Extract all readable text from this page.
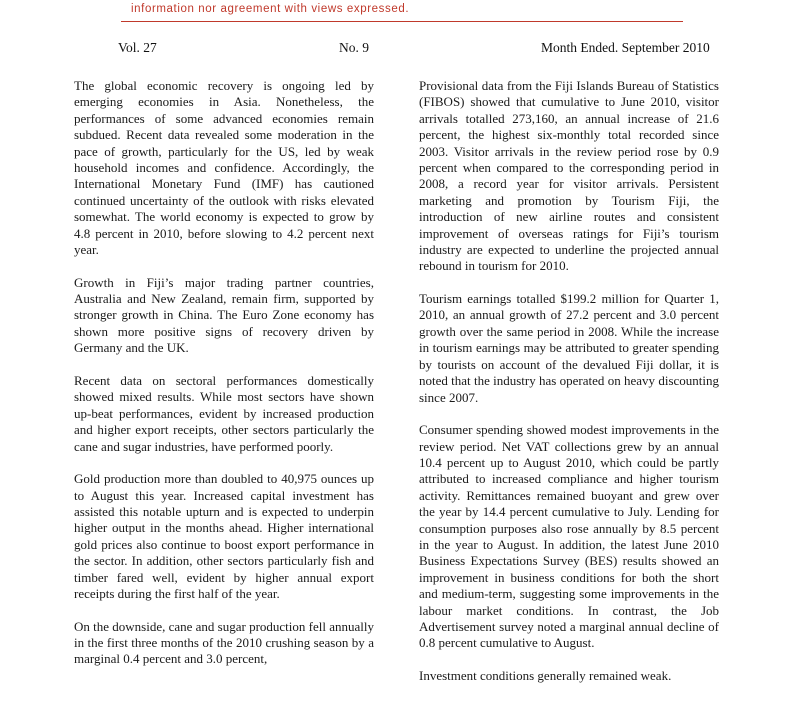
information nor agreement with views expressed.
Vol. 27	No. 9	Month Ended. September 2010

The global economic recovery is ongoing led by emerging economies in Asia. Nonetheless, the performances of some advanced economies remain subdued. Recent data revealed some moderation in the pace of growth, particularly for the US, led by weak household incomes and confidence. Accordingly, the International Monetary Fund (IMF) has cautioned continued uncertainty of the outlook with risks elevated somewhat. The world economy is expected to grow by 4.8 percent in 2010, before slowing to 4.2 percent next year.

Growth in Fiji’s major trading partner countries, Australia and New Zealand, remain firm, supported by stronger growth in China. The Euro Zone economy has shown more positive signs of recovery driven by Germany and the UK.

Recent data on sectoral performances domestically showed mixed results. While most sectors have shown up-beat performances, evident by increased production and higher export receipts, other sectors particularly the cane and sugar industries, have performed poorly.

Gold production more than doubled to 40,975 ounces up to August this year. Increased capital investment has assisted this notable upturn and is expected to underpin higher output in the months ahead. Higher international gold prices also continue to boost export performance in the sector. In addition, other sectors particularly fish and timber fared well, evident by higher annual export receipts during the first half of the year.

On the downside, cane and sugar production fell annually in the first three months of the 2010 crushing season by a marginal 0.4 percent and 3.0 percent,

Provisional data from the Fiji Islands Bureau of Statistics (FIBOS) showed that cumulative to June 2010, visitor arrivals totalled 273,160, an annual increase of 21.6 percent, the highest six-monthly total recorded since 2003. Visitor arrivals in the review period rose by 0.9 percent when compared to the corresponding period in 2008, a record year for visitor arrivals. Persistent marketing and promotion by Tourism Fiji, the introduction of new airline routes and consistent improvement of overseas ratings for Fiji’s tourism industry are expected to underline the projected annual rebound in tourism for 2010.

Tourism earnings totalled $199.2 million for Quarter 1, 2010, an annual growth of 27.2 percent and 3.0 percent growth over the same period in 2008. While the increase in tourism earnings may be attributed to greater spending by tourists on account of the devalued Fiji dollar, it is noted that the industry has operated on heavy discounting since 2007.

Consumer spending showed modest improvements in the review period. Net VAT collections grew by an annual 10.4 percent up to August 2010, which could be partly attributed to increased compliance and higher tourism activity. Remittances remained buoyant and grew over the year by 14.4 percent cumulative to July. Lending for consumption purposes also rose annually by 8.5 percent in the year to August. In addition, the latest June 2010 Business Expectations Survey (BES) results showed an improvement in business conditions for both the short and medium-term, suggesting some improvements in the labour market conditions. In contrast, the Job Advertisement survey noted a marginal annual decline of 0.8 percent cumulative to August.

Investment conditions generally remained weak.
